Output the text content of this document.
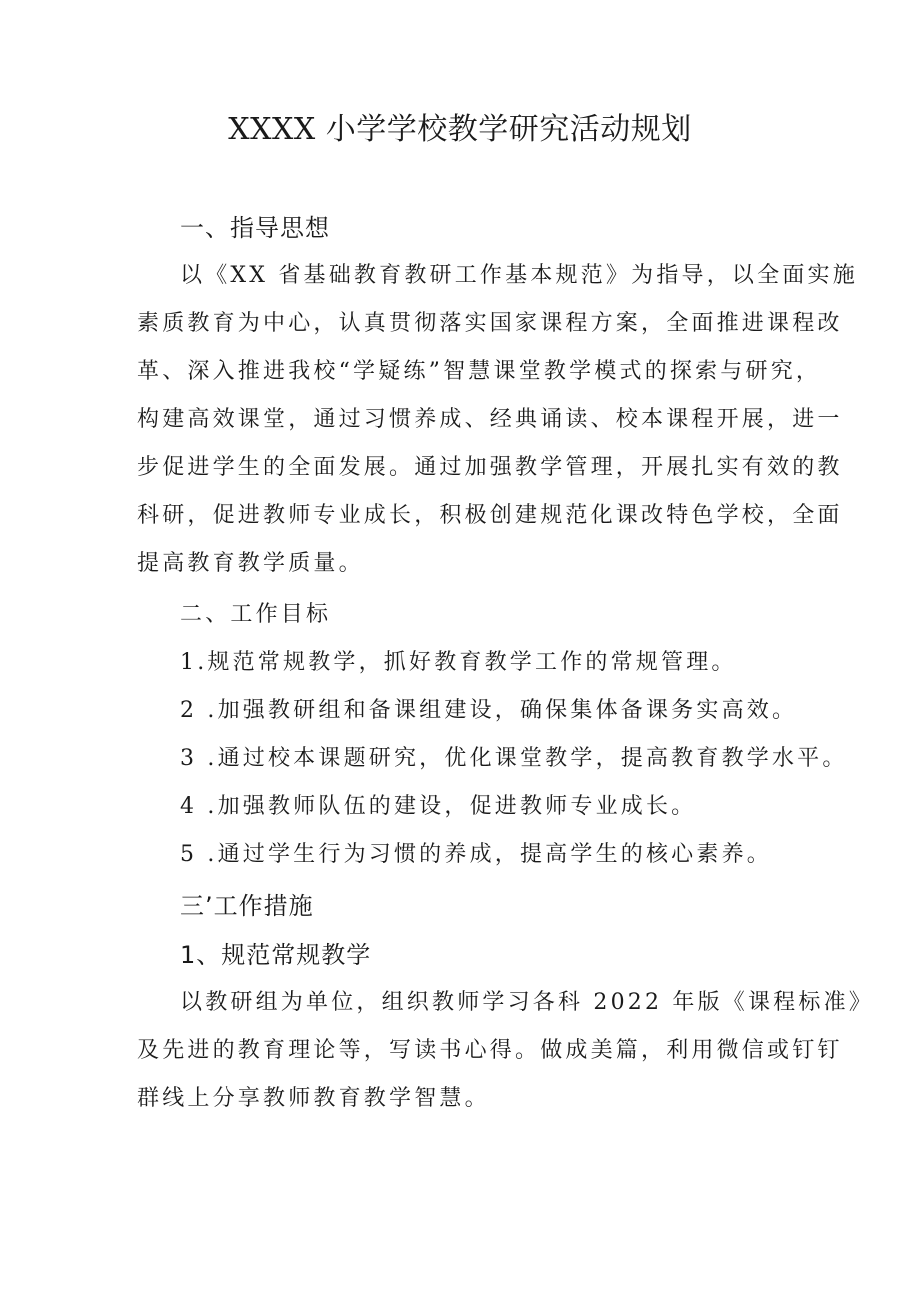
XXXX 小学学校教学研究活动规划
一、指导思想
以《XX 省基础教育教研工作基本规范》为指导，以全面实施
素质教育为中心，认真贯彻落实国家课程方案，全面推进课程改
革、深入推进我校“学疑练”智慧课堂教学模式的探索与研究，
构建高效课堂，通过习惯养成、经典诵读、校本课程开展，进一
步促进学生的全面发展。通过加强教学管理，开展扎实有效的教
科研，促进教师专业成长，积极创建规范化课改特色学校，全面
提高教育教学质量。
二、工作目标
1.规范常规教学，抓好教育教学工作的常规管理。
2 .加强教研组和备课组建设，确保集体备课务实高效。
3 .通过校本课题研究，优化课堂教学，提高教育教学水平。
4 .加强教师队伍的建设，促进教师专业成长。
5 .通过学生行为习惯的养成，提高学生的核心素养。
三’工作措施
1、规范常规教学
以教研组为单位，组织教师学习各科 2022 年版《课程标准》
及先进的教育理论等，写读书心得。做成美篇，利用微信或钉钉
群线上分享教师教育教学智慧。
